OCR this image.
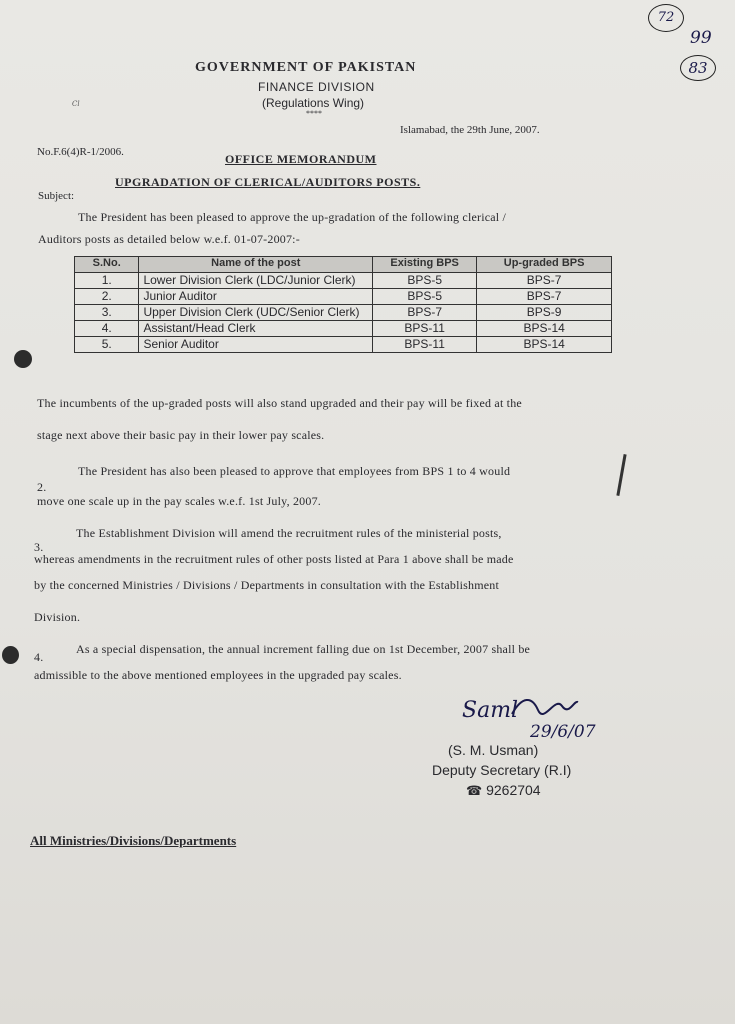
72
99
83
Cl
GOVERNMENT OF PAKISTAN
FINANCE DIVISION
(Regulations Wing)
****
No.F.6(4)R-1/2006.
Islamabad, the 29th June, 2007.
OFFICE MEMORANDUM
Subject:
UPGRADATION OF CLERICAL/AUDITORS POSTS.
The President has been pleased to approve the up-gradation of the following clerical /
Auditors posts as detailed below w.e.f. 01-07-2007:-
S.No.	Name of the post	Existing BPS	Up-graded BPS
1.	Lower Division Clerk (LDC/Junior Clerk)	BPS-5	BPS-7
2.	Junior Auditor	BPS-5	BPS-7
3.	Upper Division Clerk (UDC/Senior Clerk)	BPS-7	BPS-9
4.	Assistant/Head Clerk	BPS-11	BPS-14
5.	Senior Auditor	BPS-11	BPS-14
The incumbents of the up-graded posts will also stand upgraded and their pay will be fixed at the
stage next above their basic pay in their lower pay scales.
2.
The President has also been pleased to approve that employees from BPS 1 to 4 would
move one scale up in the pay scales w.e.f. 1st July, 2007.
3.
The Establishment Division will amend the recruitment rules of the ministerial posts,
whereas amendments in the recruitment rules of other posts listed at Para 1 above shall be made
by the concerned Ministries / Divisions / Departments in consultation with the Establishment
Division.
4.
As a special dispensation, the annual increment falling due on 1st December, 2007 shall be
admissible to the above mentioned employees in the upgraded pay scales.
Saml
29/6/07
(S. M. Usman)
Deputy Secretary (R.I)
☎ 9262704
All Ministries/Divisions/Departments
